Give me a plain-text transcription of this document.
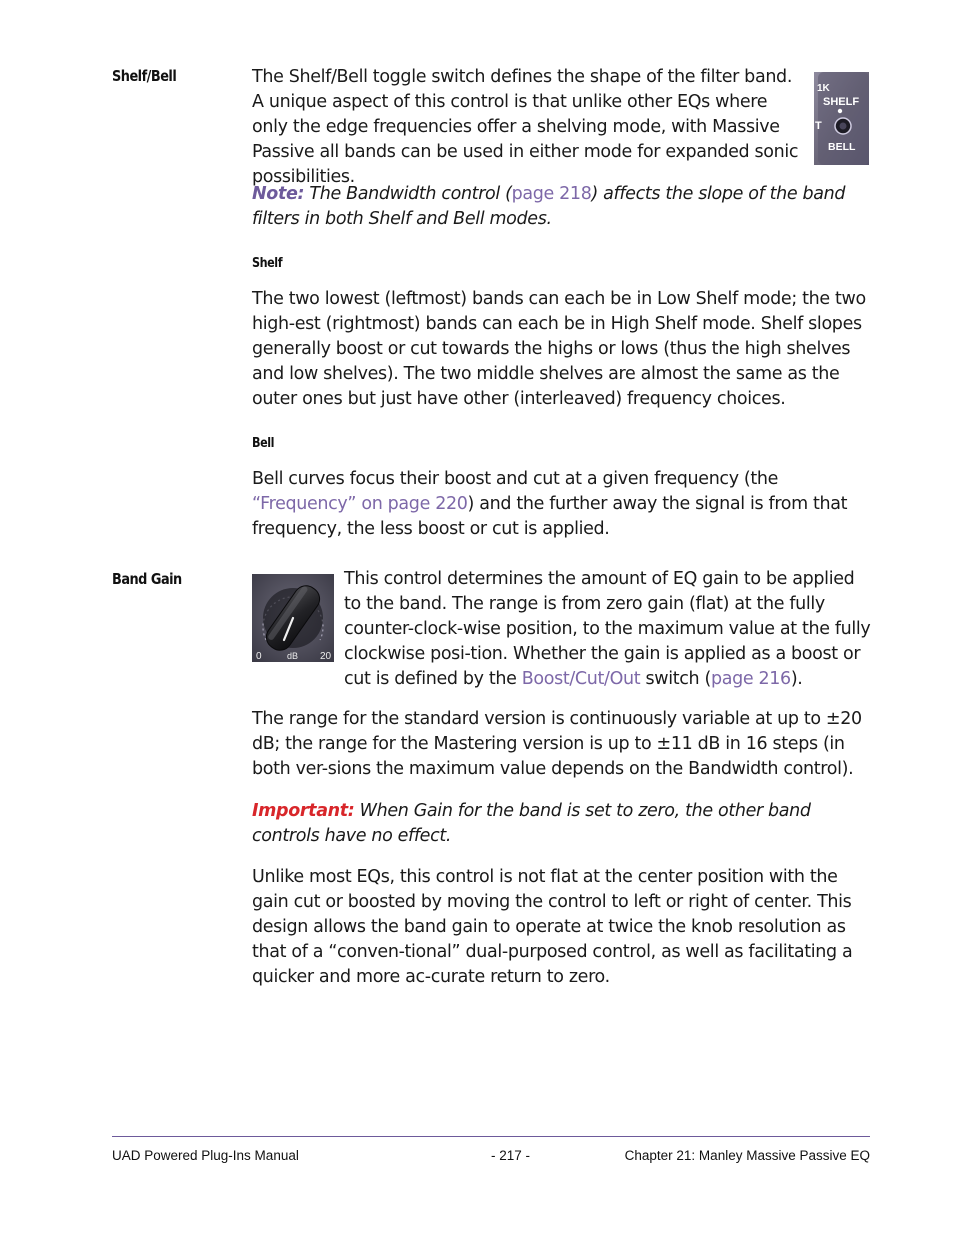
Shelf/Bell	The Shelf/Bell toggle switch defines the shape of the filter band. A unique aspect of this control is that unlike other EQs where only the edge frequencies offer a shelving mode, with Massive Passive all bands can be used in either mode for expanded sonic possibilities.

1K
SHELF
T
BELL

Note: The Bandwidth control (page 218) affects the slope of the band filters in both Shelf and Bell modes.

Shelf

The two lowest (leftmost) bands can each be in Low Shelf mode; the two high-est (rightmost) bands can each be in High Shelf mode. Shelf slopes generally boost or cut towards the highs or lows (thus the high shelves and low shelves). The two middle shelves are almost the same as the outer ones but just have other (interleaved) frequency choices.

Bell

Bell curves focus their boost and cut at a given frequency (the “Frequency” on page 220) and the further away the signal is from that frequency, the less boost or cut is applied.

Band Gain
0	dB 20

This control determines the amount of EQ gain to be applied to the band. The range is from zero gain (flat) at the fully counter-clock-wise position, to the maximum value at the fully clockwise posi-tion. Whether the gain is applied as a boost or cut is defined by the Boost/Cut/Out switch (page 216).

The range for the standard version is continuously variable at up to ±20 dB; the range for the Mastering version is up to ±11 dB in 16 steps (in both ver-sions the maximum value depends on the Bandwidth control).

Important: When Gain for the band is set to zero, the other band controls have no effect.

Unlike most EQs, this control is not flat at the center position with the gain cut or boosted by moving the control to left or right of center. This design allows the band gain to operate at twice the knob resolution as that of a “conven-tional” dual-purposed control, as well as facilitating a quicker and more ac-curate return to zero.

UAD Powered Plug-Ins Manual	- 217 -	Chapter 21: Manley Massive Passive EQ
